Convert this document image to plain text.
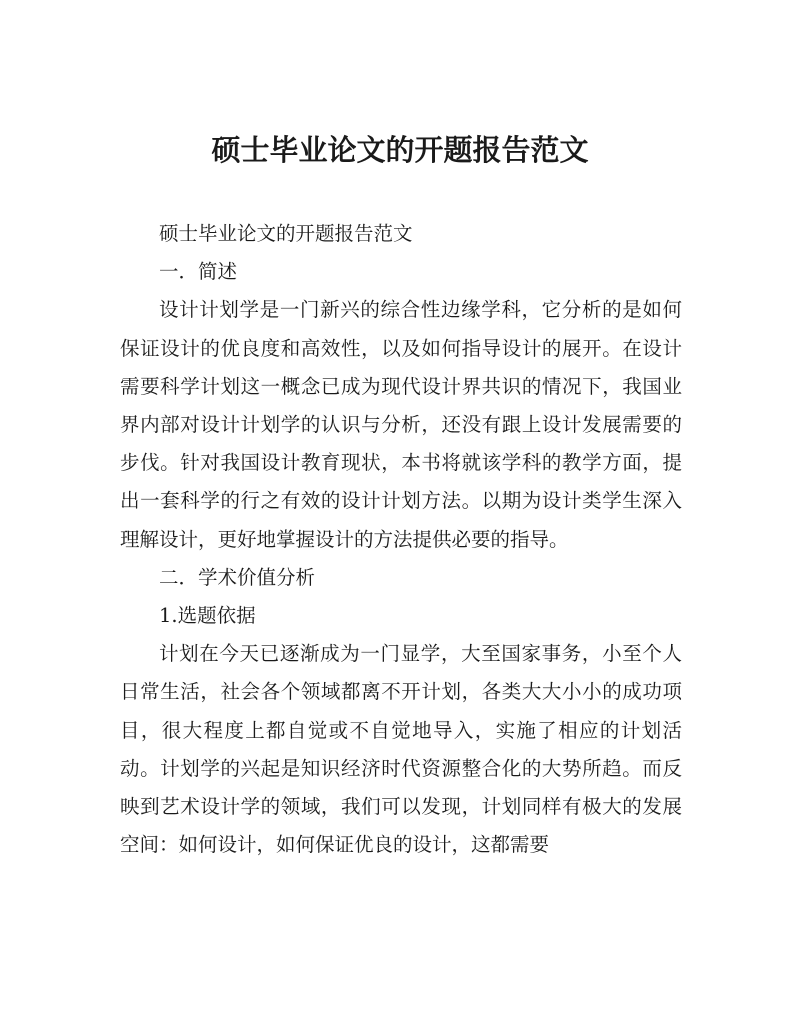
硕士毕业论文的开题报告范文

硕士毕业论文的开题报告范文

一．简述

设计计划学是一门新兴的综合性边缘学科，它分析的是如何保证设计的优良度和高效性，以及如何指导设计的展开。在设计需要科学计划这一概念已成为现代设计界共识的情况下，我国业界内部对设计计划学的认识与分析，还没有跟上设计发展需要的步伐。针对我国设计教育现状，本书将就该学科的教学方面，提出一套科学的行之有效的设计计划方法。以期为设计类学生深入理解设计，更好地掌握设计的方法提供必要的指导。

二．学术价值分析

1.选题依据

计划在今天已逐渐成为一门显学，大至国家事务，小至个人日常生活，社会各个领域都离不开计划，各类大大小小的成功项目，很大程度上都自觉或不自觉地导入，实施了相应的计划活动。计划学的兴起是知识经济时代资源整合化的大势所趋。而反映到艺术设计学的领域，我们可以发现，计划同样有极大的发展空间：如何设计，如何保证优良的设计，这都需要
